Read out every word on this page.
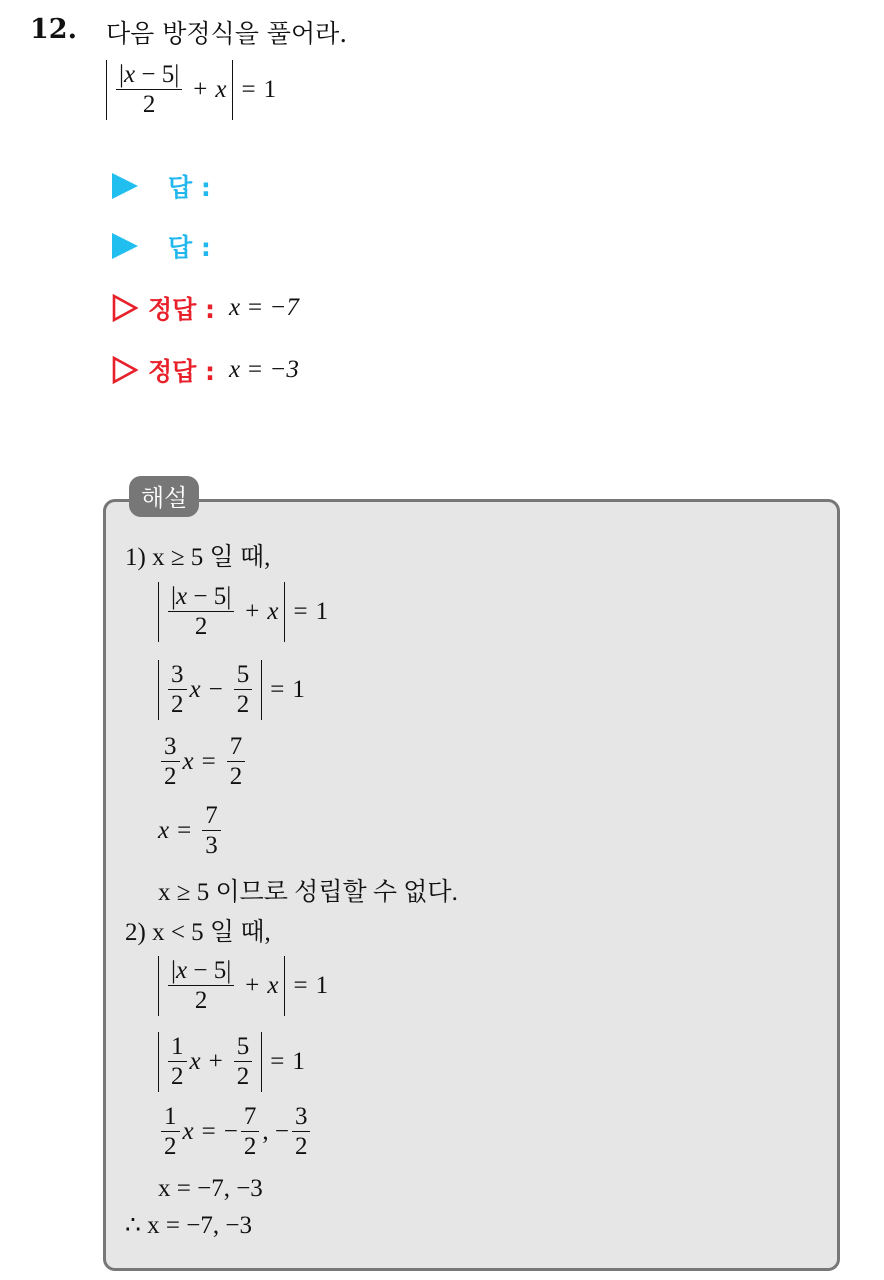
12. 다음 방정식을 풀어라.
$\frac{|x - 5|}{2} + x = 1$
답 :
답 :
정답 : x = −7
정답 : x = −3
해설
1) x ≥ 5 일 때,
$\frac{|x - 5|}{2} + x = 1$
$\frac{3}{2}$ $x - \frac{5}{2} = 1$
$\frac{3}{2}$ $x = \frac{7}{2}$
$x = \frac{7}{3}$
x ≥ 5 이므로 성립할 수 없다.
2) x < 5 일 때,
$\frac{|x - 5|}{2} + x = 1$
$\frac{1}{2}$ $x + \frac{5}{2} = 1$
$\frac{1}{2}$ x = − $\frac{7}{2}$ , − $\frac{3}{2}$
x = −7, −3
∴ x = −7, −3
